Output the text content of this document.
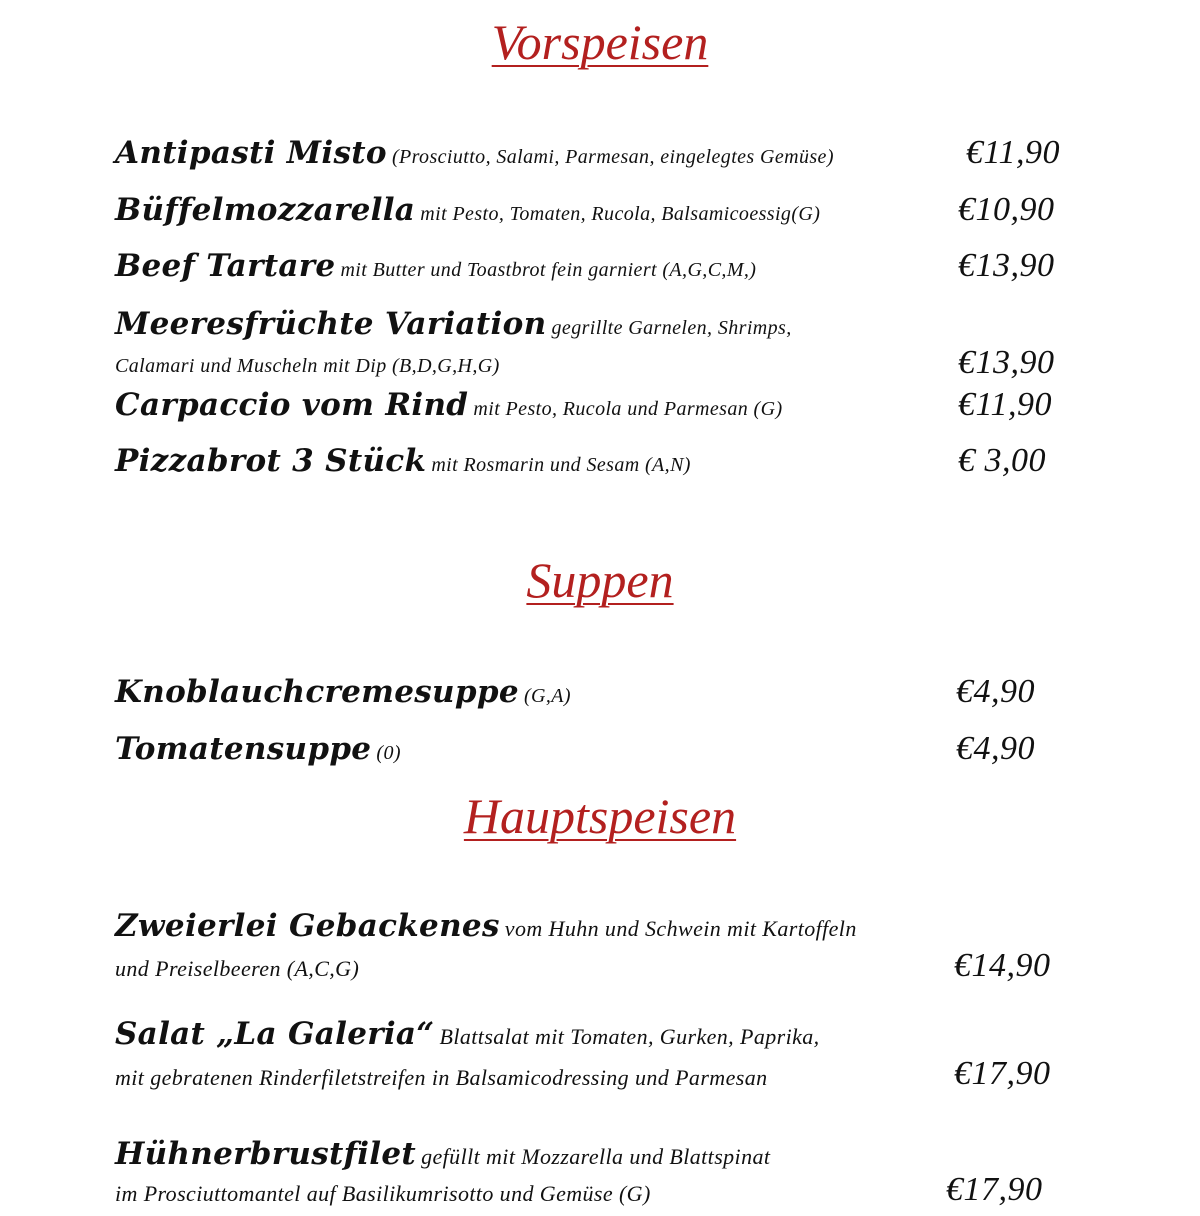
Vorspeisen
Antipasti Misto (Prosciutto, Salami, Parmesan, eingelegtes Gemüse)	€11,90
Büffelmozzarella mit Pesto, Tomaten, Rucola, Balsamicoessig(G)	€10,90
Beef Tartare mit Butter und Toastbrot fein garniert (A,G,C,M,)	€13,90
Meeresfrüchte Variation gegrillte Garnelen, Shrimps,
Calamari und Muscheln mit Dip (B,D,G,H,G)	€13,90
Carpaccio vom Rind mit Pesto, Rucola und Parmesan (G)	€11,90
Pizzabrot 3 Stück mit Rosmarin und Sesam (A,N)	€ 3,00
Suppen
Knoblauchcremesuppe (G,A)	€4,90
Tomatensuppe (0)	€4,90
Hauptspeisen
Zweierlei Gebackenes vom Huhn und Schwein mit Kartoffeln
und Preiselbeeren (A,C,G)	€14,90
Salat „La Galeria“ Blattsalat mit Tomaten, Gurken, Paprika,
mit gebratenen Rinderfiletstreifen in Balsamicodressing und Parmesan	€17,90
Hühnerbrustfilet gefüllt mit Mozzarella und Blattspinat
im Prosciuttomantel auf Basilikumrisotto und Gemüse (G)	€17,90
